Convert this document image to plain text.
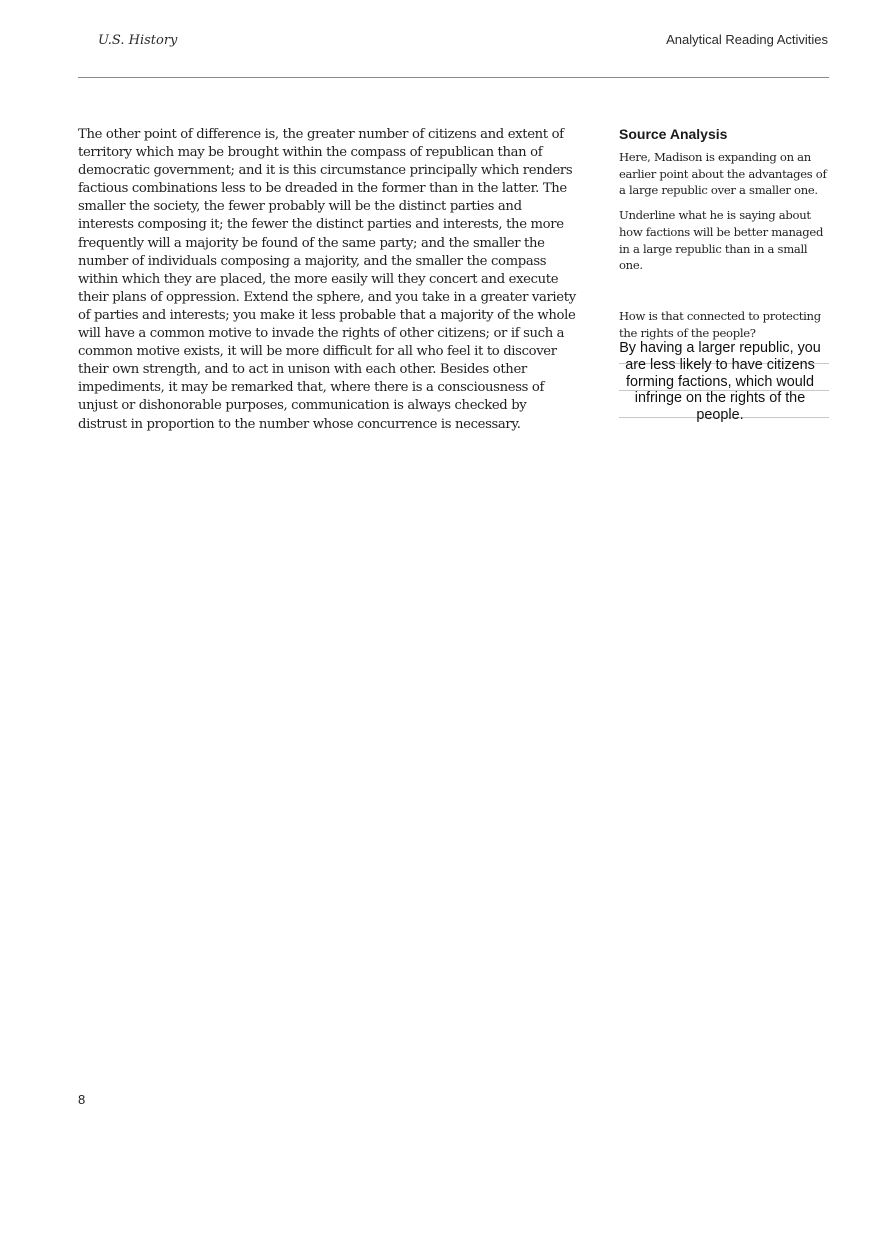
U.S. History	Analytical Reading Activities

The other point of difference is, the greater number of citizens and extent of territory which may be brought within the compass of republican than of democratic government; and it is this circumstance principally which renders factious combinations less to be dreaded in the former than in the latter. The smaller the society, the fewer probably will be the distinct parties and interests composing it; the fewer the distinct parties and interests, the more frequently will a majority be found of the same party; and the smaller the number of individuals composing a majority, and the smaller the compass within which they are placed, the more easily will they concert and execute their plans of oppression. Extend the sphere, and you take in a greater variety of parties and interests; you make it less probable that a majority of the whole will have a common motive to invade the rights of other citizens; or if such a common motive exists, it will be more difficult for all who feel it to discover their own strength, and to act in unison with each other. Besides other impediments, it may be remarked that, where there is a consciousness of unjust or dishonorable purposes, communication is always checked by distrust in proportion to the number whose concurrence is necessary.

Source Analysis

Here, Madison is expanding on an earlier point about the advantages of a large republic over a smaller one.

Underline what he is saying about how factions will be better managed in a large republic than in a small one.

How is that connected to protecting the rights of the people?

By having a larger republic, you are less likely to have citizens forming factions, which would infringe on the rights of the people.
8
